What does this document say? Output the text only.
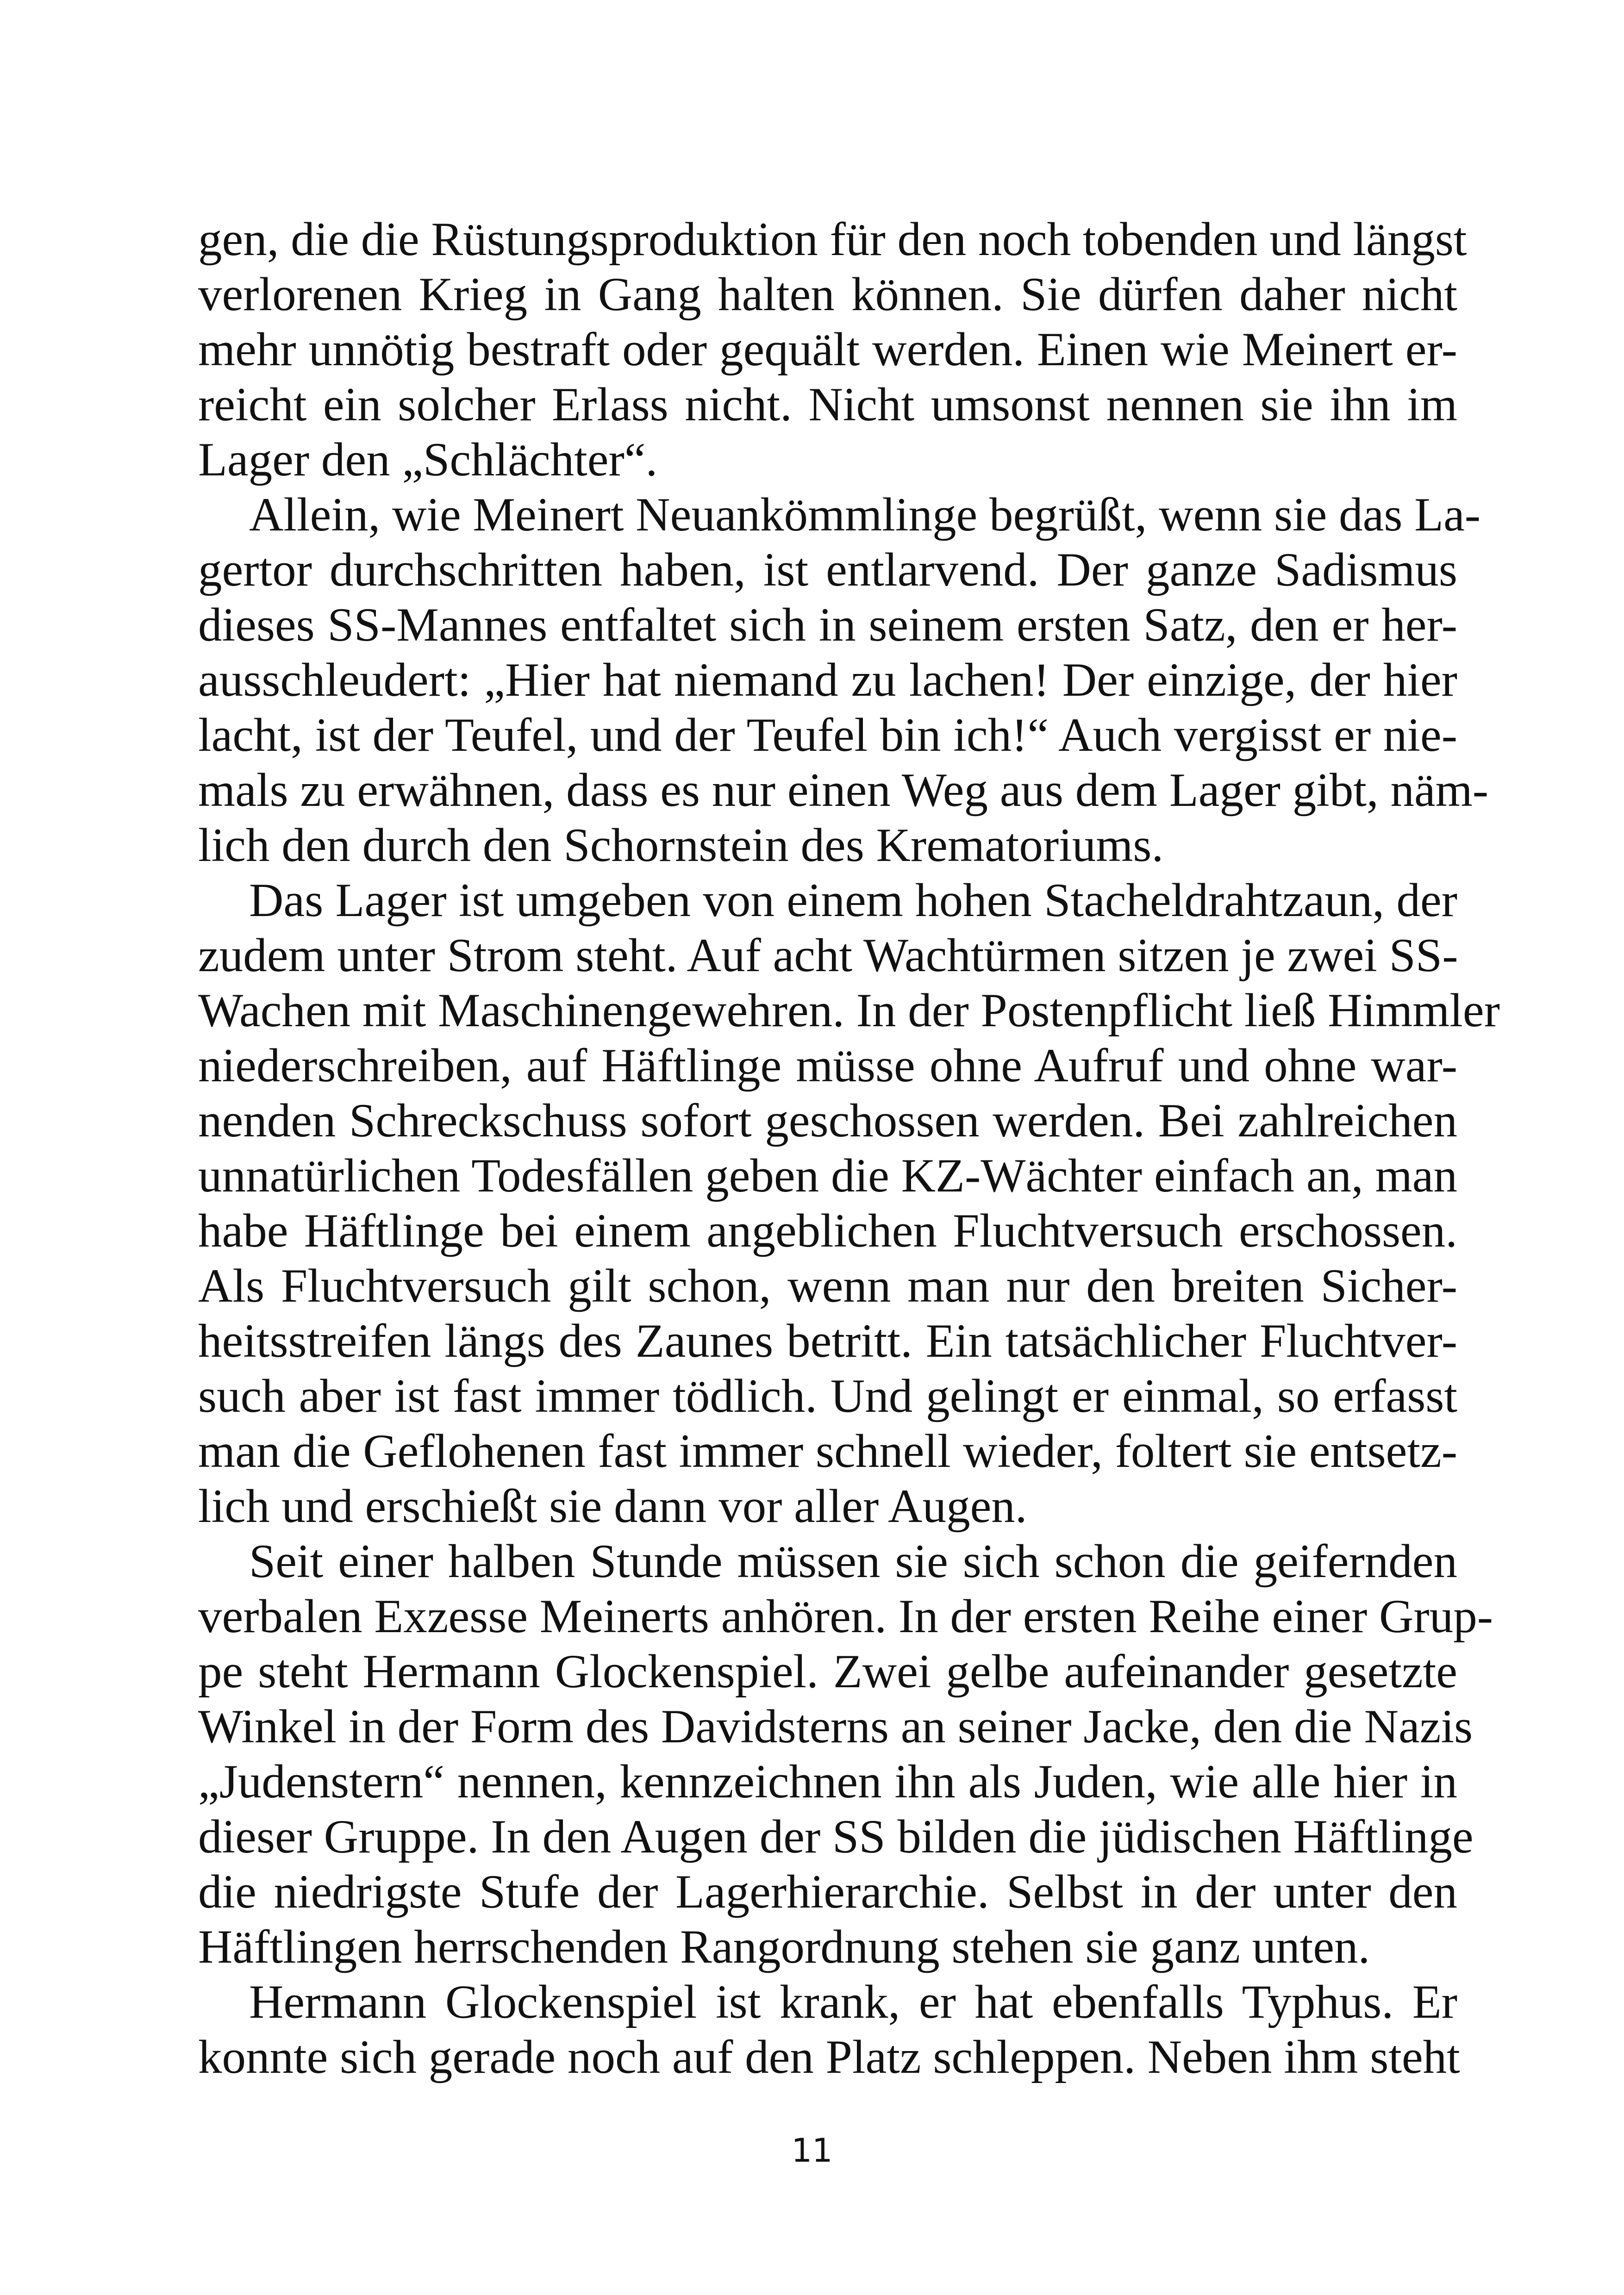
gen, die die Rüstungsproduktion für den noch tobenden und längst
verlorenen Krieg in Gang halten können. Sie dürfen daher nicht
mehr unnötig bestraft oder gequält werden. Einen wie Meinert er-
reicht ein solcher Erlass nicht. Nicht umsonst nennen sie ihn im
Lager den „Schlächter“.
Allein, wie Meinert Neuankömmlinge begrüßt, wenn sie das La-
gertor durchschritten haben, ist entlarvend. Der ganze Sadismus
dieses SS-Mannes entfaltet sich in seinem ersten Satz, den er her-
ausschleudert: „Hier hat niemand zu lachen! Der einzige, der hier
lacht, ist der Teufel, und der Teufel bin ich!“ Auch vergisst er nie-
mals zu erwähnen, dass es nur einen Weg aus dem Lager gibt, näm-
lich den durch den Schornstein des Krematoriums.
Das Lager ist umgeben von einem hohen Stacheldrahtzaun, der
zudem unter Strom steht. Auf acht Wachtürmen sitzen je zwei SS-
Wachen mit Maschinengewehren. In der Postenpflicht ließ Himmler
niederschreiben, auf Häftlinge müsse ohne Aufruf und ohne war-
nenden Schreckschuss sofort geschossen werden. Bei zahlreichen
unnatürlichen Todesfällen geben die KZ-Wächter einfach an, man
habe Häftlinge bei einem angeblichen Fluchtversuch erschossen.
Als Fluchtversuch gilt schon, wenn man nur den breiten Sicher-
heitsstreifen längs des Zaunes betritt. Ein tatsächlicher Fluchtver-
such aber ist fast immer tödlich. Und gelingt er einmal, so erfasst
man die Geflohenen fast immer schnell wieder, foltert sie entsetz-
lich und erschießt sie dann vor aller Augen.
Seit einer halben Stunde müssen sie sich schon die geifernden
verbalen Exzesse Meinerts anhören. In der ersten Reihe einer Grup-
pe steht Hermann Glockenspiel. Zwei gelbe aufeinander gesetzte
Winkel in der Form des Davidsterns an seiner Jacke, den die Nazis
„Judenstern“ nennen, kennzeichnen ihn als Juden, wie alle hier in
dieser Gruppe. In den Augen der SS bilden die jüdischen Häftlinge
die niedrigste Stufe der Lagerhierarchie. Selbst in der unter den
Häftlingen herrschenden Rangordnung stehen sie ganz unten.
Hermann Glockenspiel ist krank, er hat ebenfalls Typhus. Er
konnte sich gerade noch auf den Platz schleppen. Neben ihm steht
11
